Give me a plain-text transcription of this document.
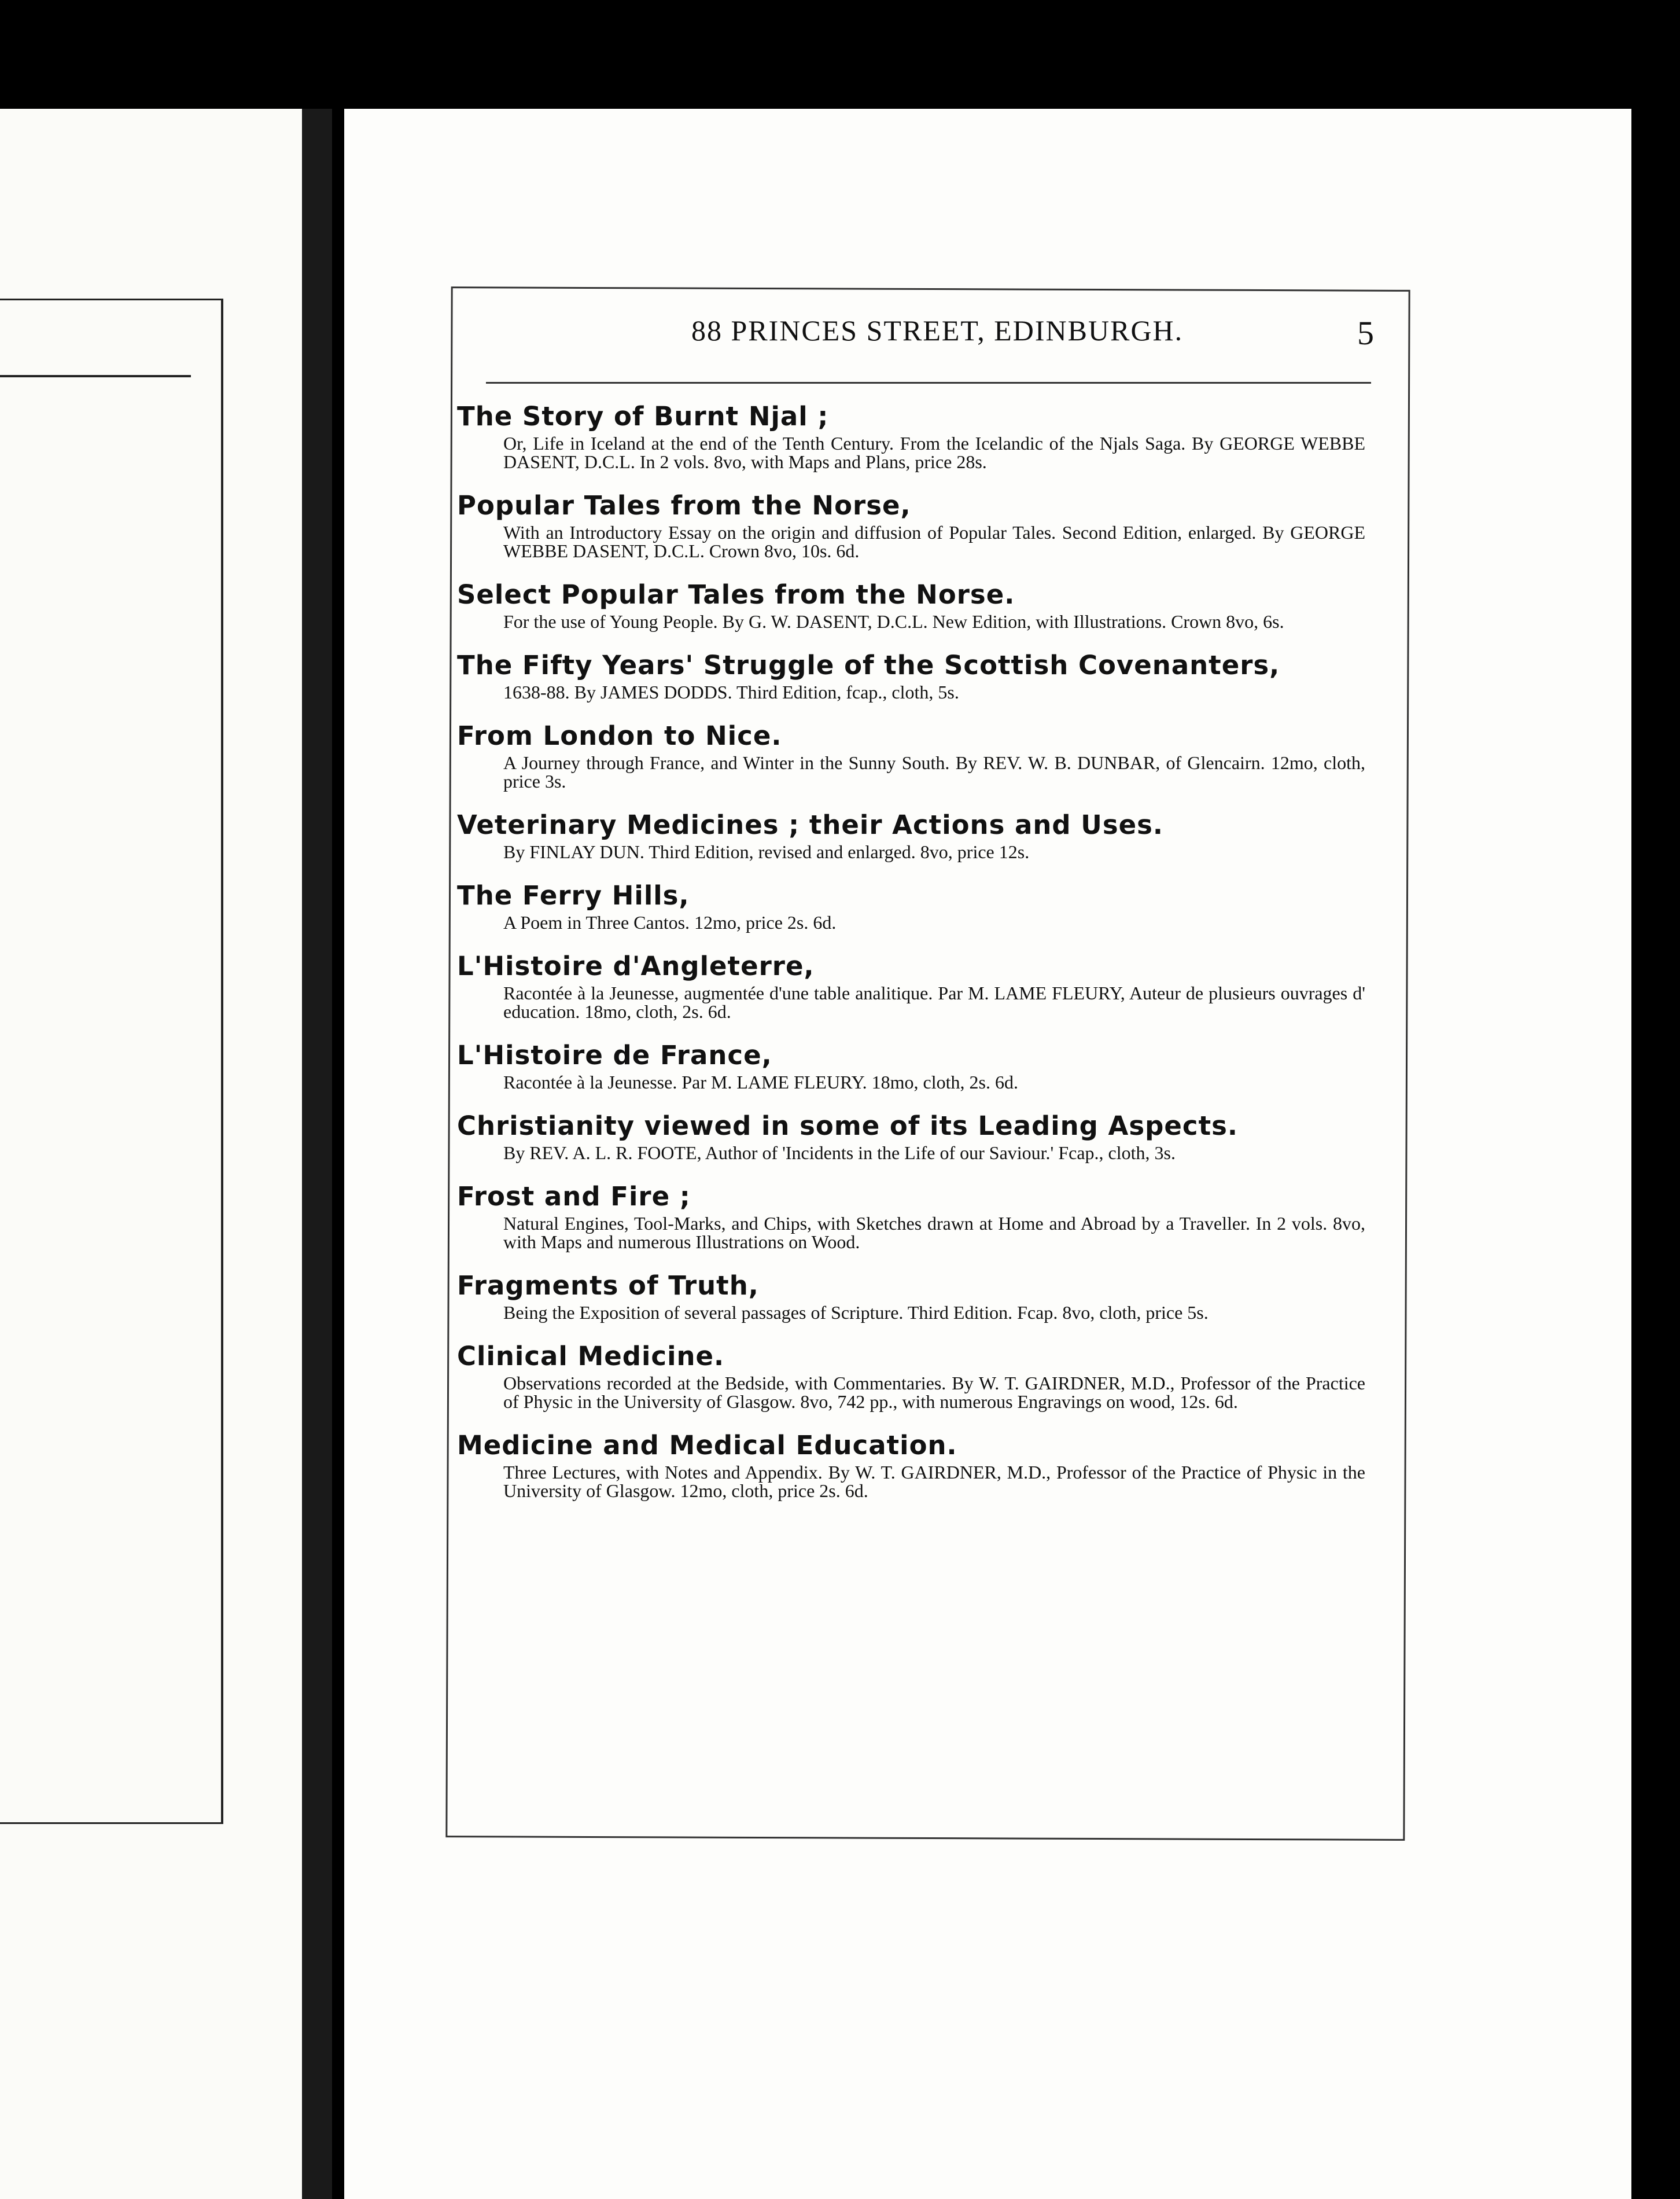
88 PRINCES STREET, EDINBURGH.	5
The Story of Burnt Njal ;
Or, Life in Iceland at the end of the Tenth Century. From the Icelandic of the Njals Saga. By GEORGE WEBBE DASENT, D.C.L. In 2 vols. 8vo, with Maps and Plans, price 28s.
Popular Tales from the Norse,
With an Introductory Essay on the origin and diffusion of Popular Tales. Second Edition, enlarged. By GEORGE WEBBE DASENT, D.C.L. Crown 8vo, 10s. 6d.
Select Popular Tales from the Norse.
For the use of Young People. By G. W. DASENT, D.C.L. New Edition, with Illustrations. Crown 8vo, 6s.
The Fifty Years' Struggle of the Scottish Covenanters,
1638-88. By JAMES DODDS. Third Edition, fcap., cloth, 5s.
From London to Nice.
A Journey through France, and Winter in the Sunny South. By REV. W. B. DUNBAR, of Glencairn. 12mo, cloth, price 3s.
Veterinary Medicines ; their Actions and Uses.
By FINLAY DUN. Third Edition, revised and enlarged. 8vo, price 12s.
The Ferry Hills,
A Poem in Three Cantos. 12mo, price 2s. 6d.
L'Histoire d'Angleterre,
Racontée à la Jeunesse, augmentée d'une table analitique. Par M. LAME FLEURY, Auteur de plusieurs ouvrages d' education. 18mo, cloth, 2s. 6d.
L'Histoire de France,
Racontée à la Jeunesse. Par M. LAME FLEURY. 18mo, cloth, 2s. 6d.
Christianity viewed in some of its Leading Aspects.
By REV. A. L. R. FOOTE, Author of 'Incidents in the Life of our Saviour.' Fcap., cloth, 3s.
Frost and Fire ;
Natural Engines, Tool-Marks, and Chips, with Sketches drawn at Home and Abroad by a Traveller. In 2 vols. 8vo, with Maps and numerous Illustrations on Wood.
Fragments of Truth,
Being the Exposition of several passages of Scripture. Third Edition. Fcap. 8vo, cloth, price 5s.
Clinical Medicine.
Observations recorded at the Bedside, with Commentaries. By W. T. GAIRDNER, M.D., Professor of the Practice of Physic in the University of Glasgow. 8vo, 742 pp., with numerous Engravings on wood, 12s. 6d.
Medicine and Medical Education.
Three Lectures, with Notes and Appendix. By W. T. GAIRDNER, M.D., Professor of the Practice of Physic in the University of Glasgow. 12mo, cloth, price 2s. 6d.
